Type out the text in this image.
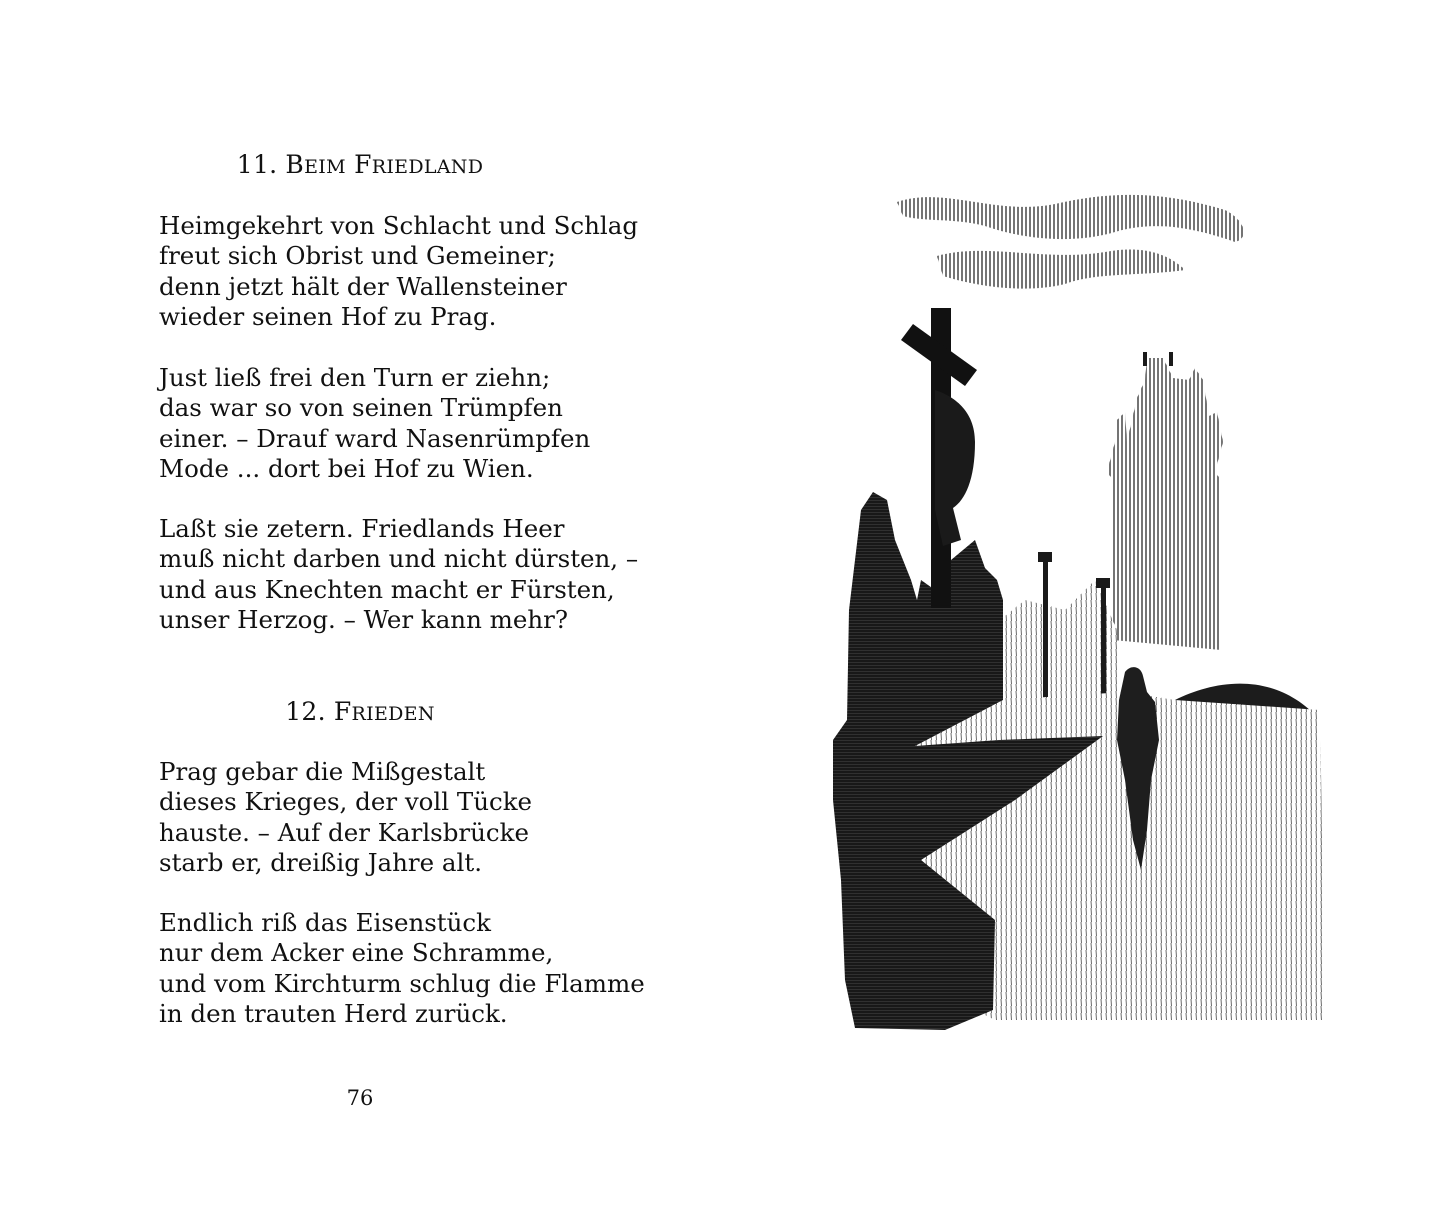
11. BEIM FRIEDLAND

Heimgekehrt von Schlacht und Schlag
freut sich Obrist und Gemeiner;
denn jetzt hält der Wallensteiner
wieder seinen Hof zu Prag.

Just ließ frei den Turn er ziehn;
das war so von seinen Trümpfen
einer. – Drauf ward Nasenrümpfen
Mode ... dort bei Hof zu Wien.

Laßt sie zetern. Friedlands Heer
muß nicht darben und nicht dürsten, –
und aus Knechten macht er Fürsten,
unser Herzog. – Wer kann mehr?

12. FRIEDEN

Prag gebar die Mißgestalt
dieses Krieges, der voll Tücke
hauste. – Auf der Karlsbrücke
starb er, dreißig Jahre alt.

Endlich riß das Eisenstück
nur dem Acker eine Schramme,
und vom Kirchturm schlug die Flamme
in den trauten Herd zurück.

76
